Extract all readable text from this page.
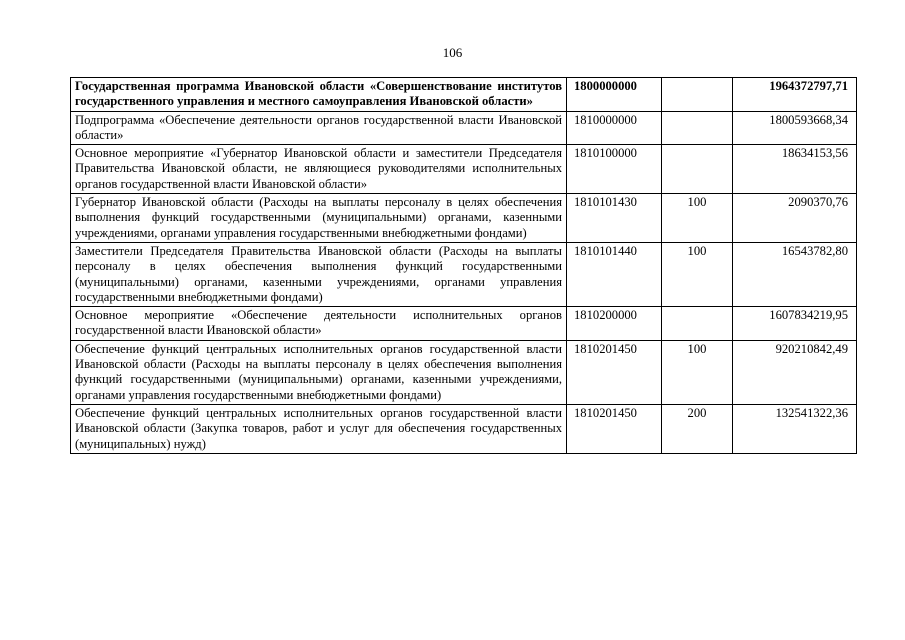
106
Государственная программа Ивановской области «Совершенствование институтов государственного управления и местного самоуправления Ивановской области»	1800000000		1964372797,71
Подпрограмма «Обеспечение деятельности органов государственной власти Ивановской области»	1810000000		1800593668,34
Основное мероприятие «Губернатор Ивановской области и заместители Председателя Правительства Ивановской области, не являющиеся руководителями исполнительных органов государственной власти Ивановской области»	1810100000		18634153,56
Губернатор Ивановской области (Расходы на выплаты персоналу в целях обеспечения выполнения функций государственными (муниципальными) органами, казенными учреждениями, органами управления государственными внебюджетными фондами)	1810101430	100	2090370,76
Заместители Председателя Правительства Ивановской области (Расходы на выплаты персоналу в целях обеспечения выполнения функций государственными (муниципальными) органами, казенными учреждениями, органами управления государственными внебюджетными фондами)	1810101440	100	16543782,80
Основное мероприятие «Обеспечение деятельности исполнительных органов государственной власти Ивановской области»	1810200000		1607834219,95
Обеспечение функций центральных исполнительных органов государственной власти Ивановской области (Расходы на выплаты персоналу в целях обеспечения выполнения функций государственными (муниципальными) органами, казенными учреждениями, органами управления государственными внебюджетными фондами)	1810201450	100	920210842,49
Обеспечение функций центральных исполнительных органов государственной власти Ивановской области (Закупка товаров, работ и услуг для обеспечения государственных (муниципальных) нужд)	1810201450	200	132541322,36
